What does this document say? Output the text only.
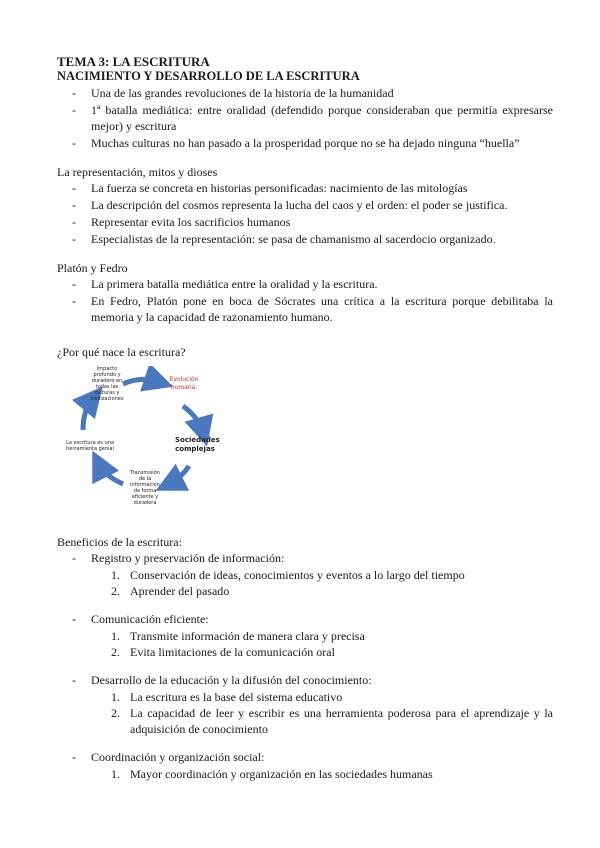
TEMA 3: LA ESCRITURA
NACIMIENTO Y DESARROLLO DE LA ESCRITURA
- Una de las grandes revoluciones de la historia de la humanidad
- 1ª batalla mediática: entre oralidad (defendido porque consideraban que permitía expresarse mejor) y escritura
- Muchas culturas no han pasado a la prosperidad porque no se ha dejado ninguna “huella”
La representación, mitos y dioses
- La fuerza se concreta en historias personificadas: nacimiento de las mitologías
- La descripción del cosmos representa la lucha del caos y el orden: el poder se justifica.
- Representar evita los sacrificios humanos
- Especialistas de la representación: se pasa de chamanismo al sacerdocio organizado.
Platón y Fedro
- La primera batalla mediática entre la oralidad y la escritura.
- En Fedro, Platón pone en boca de Sócrates una crítica a la escritura porque debilitaba la memoria y la capacidad de razonamiento humano.
¿Por qué nace la escritura?
Impacto profundo y duradero en todas las culturas y civilizaciones
Evolución humana.
Sociedades complejas
Transmisión de la información de forma eficiente y duradera
La escritura es una herramienta genial
Beneficios de la escritura:
- Registro y preservación de información:
1. Conservación de ideas, conocimientos y eventos a lo largo del tiempo
2. Aprender del pasado
- Comunicación eficiente:
1. Transmite información de manera clara y precisa
2. Evita limitaciones de la comunicación oral
- Desarrollo de la educación y la difusión del conocimiento:
1. La escritura es la base del sistema educativo
2. La capacidad de leer y escribir es una herramienta poderosa para el aprendizaje y la adquisición de conocimiento
- Coordinación y organización social:
1. Mayor coordinación y organización en las sociedades humanas
